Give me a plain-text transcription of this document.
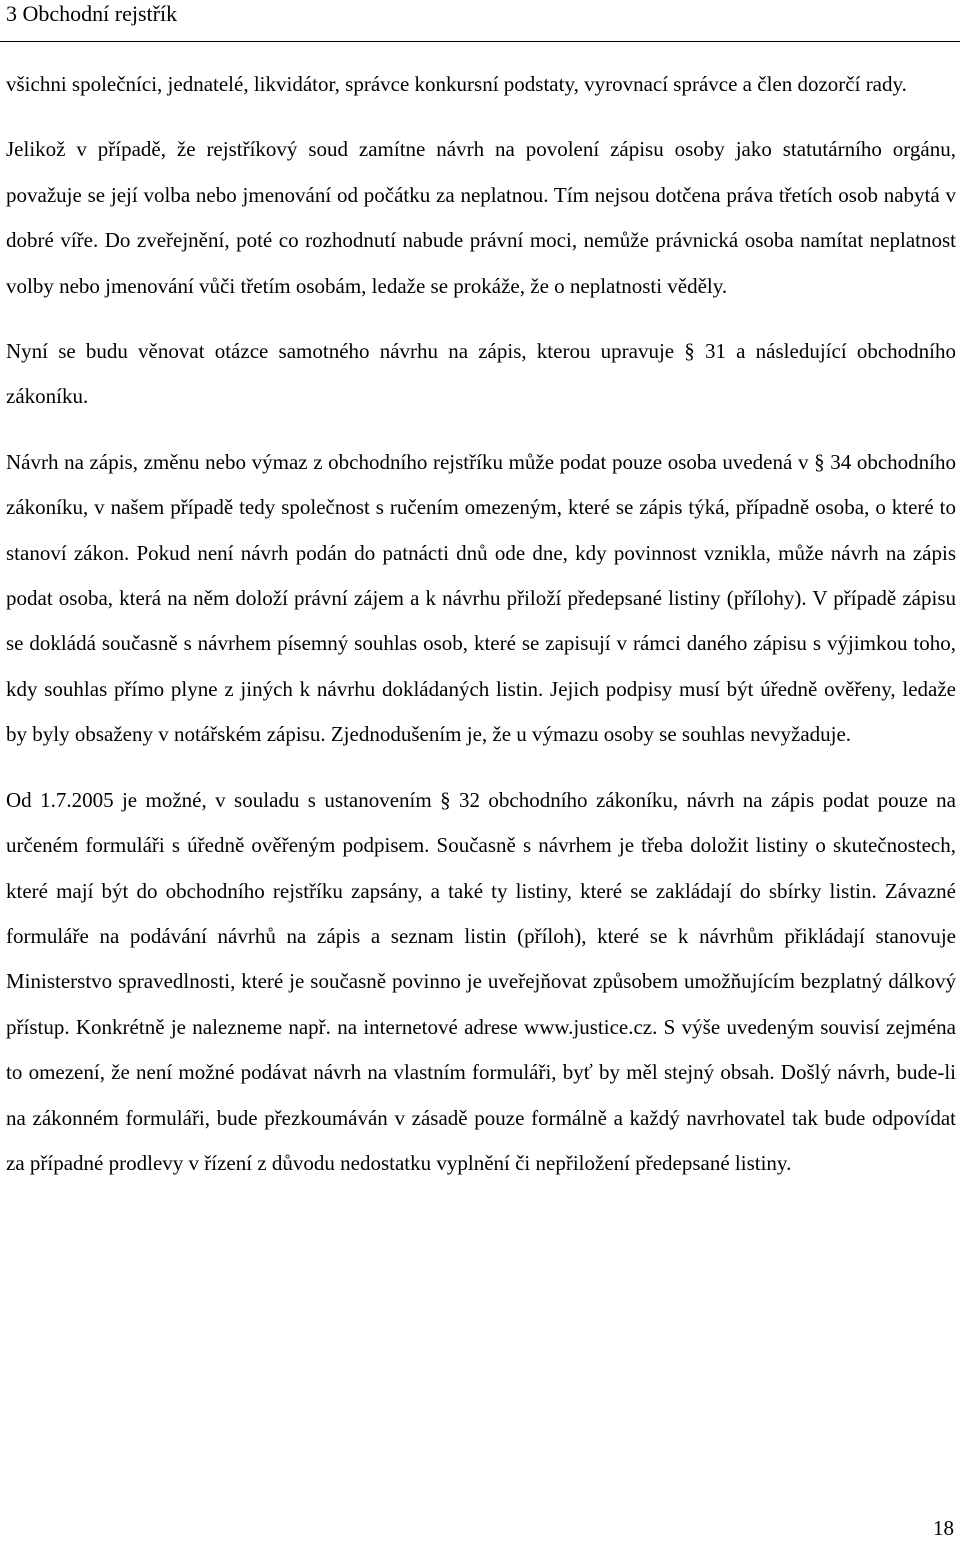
3 Obchodní rejstřík

všichni společníci, jednatelé, likvidátor, správce konkursní podstaty, vyrovnací správce a člen dozorčí rady.

Jelikož v případě, že rejstříkový soud zamítne návrh na povolení zápisu osoby jako statutárního orgánu, považuje se její volba nebo jmenování od počátku za neplatnou. Tím nejsou dotčena práva třetích osob nabytá v dobré víře. Do zveřejnění, poté co rozhodnutí nabude právní moci, nemůže právnická osoba namítat neplatnost volby nebo jmenování vůči třetím osobám, ledaže se prokáže, že o neplatnosti věděly.

Nyní se budu věnovat otázce samotného návrhu na zápis, kterou upravuje § 31 a následující obchodního zákoníku.

Návrh na zápis, změnu nebo výmaz z obchodního rejstříku může podat pouze osoba uvedená v § 34 obchodního zákoníku, v našem případě tedy společnost s ručením omezeným, které se zápis týká, případně osoba, o které to stanoví zákon. Pokud není návrh podán do patnácti dnů ode dne, kdy povinnost vznikla, může návrh na zápis podat osoba, která na něm doloží právní zájem a k návrhu přiloží předepsané listiny (přílohy). V případě zápisu se dokládá současně s návrhem písemný souhlas osob, které se zapisují v rámci daného zápisu s výjimkou toho, kdy souhlas přímo plyne z jiných k návrhu dokládaných listin. Jejich podpisy musí být úředně ověřeny, ledaže by byly obsaženy v notářském zápisu. Zjednodušením je, že u výmazu osoby se souhlas nevyžaduje.

Od 1.7.2005 je možné, v souladu s ustanovením § 32 obchodního zákoníku, návrh na zápis podat pouze na určeném formuláři s úředně ověřeným podpisem. Současně s návrhem je třeba doložit listiny o skutečnostech, které mají být do obchodního rejstříku zapsány, a také ty listiny, které se zakládají do sbírky listin. Závazné formuláře na podávání návrhů na zápis a seznam listin (příloh), které se k návrhům přikládají stanovuje Ministerstvo spravedlnosti, které je současně povinno je uveřejňovat způsobem umožňujícím bezplatný dálkový přístup. Konkrétně je nalezneme např. na internetové adrese www.justice.cz. S výše uvedeným souvisí zejména to omezení, že není možné podávat návrh na vlastním formuláři, byť by měl stejný obsah. Došlý návrh, bude-li na zákonném formuláři, bude přezkoumáván v zásadě pouze formálně a každý navrhovatel tak bude odpovídat za případné prodlevy v řízení z důvodu nedostatku vyplnění či nepřiložení předepsané listiny.

18
